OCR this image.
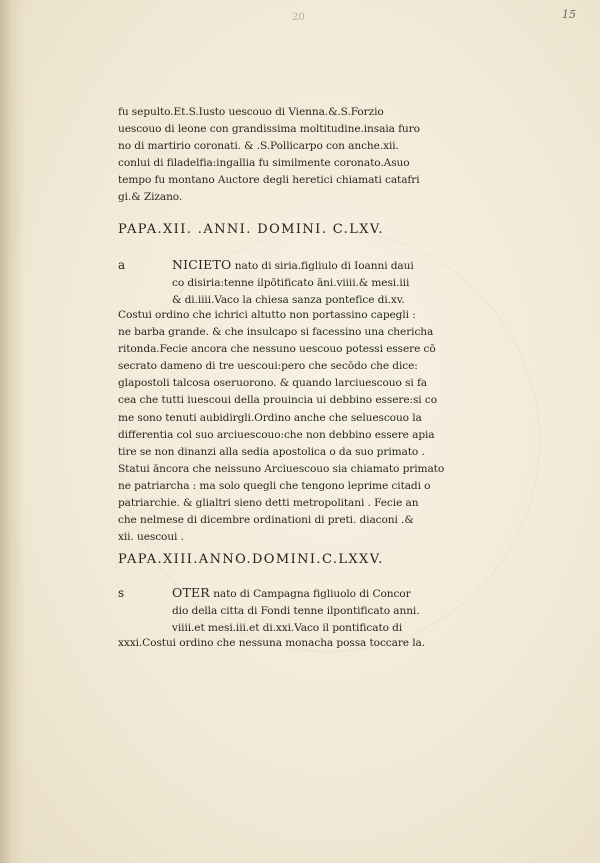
20	15
fu sepulto.Et.S.Iusto uescouo di Vienna.&.S.Forzio
uescouo di leone con grandissima moltitudine.insaia furo
no di martirio coronati. & .S.Pollicarpo con anche.xii.
conlui di filadelfia:ingallia fu similmente coronato.Asuo
tempo fu montano Auctore degli heretici chiamati catafri
gi.& Zizano.
PAPA.XII. .ANNI. DOMINI. C.LXV.
a	NICIETO nato di siria.figliulo di Ioanni daui
co disiria:tenne ilpōtificato āni.viiii.& mesi.iii
& di.iiii.Vaco la chiesa sanza pontefice di.xv.
Costui ordino che ichrici altutto non portassino capegli :
ne barba grande. & che insulcapo si facessino una chericha
ritonda.Fecie ancora che nessuno uescouo potessi essere cō
secrato dameno di tre uescoui:pero che secōdo che dice:
glapostoli talcosa oseruorono. & quando larciuescouo si fa
cea che tutti iuescoui della prouincia ui debbino essere:si co
me sono tenuti aubidirgli.Ordino anche che seluescouo la
differentia col suo arciuescouo:che non debbino essere apia
tire se non dinanzi alla sedia apostolica o da suo primato .
Statui āncora che neissuno Arciuescouo sia chiamato primato
ne patriarcha : ma solo quegli che tengono leprime citadi o
patriarchie. & glialtri sieno detti metropolitani . Fecie an
che nelmese di dicembre ordinationi di preti. diaconi .&
xii. uescoui .
PAPA.XIII.ANNO.DOMINI.C.LXXV.
s	OTER nato di Campagna figliuolo di Concor
dio della citta di Fondi tenne ilpontificato anni.
viiii.et mesi.iii.et di.xxi.Vaco il pontificato di
xxxi.Costui ordino che nessuna monacha possa toccare la.
